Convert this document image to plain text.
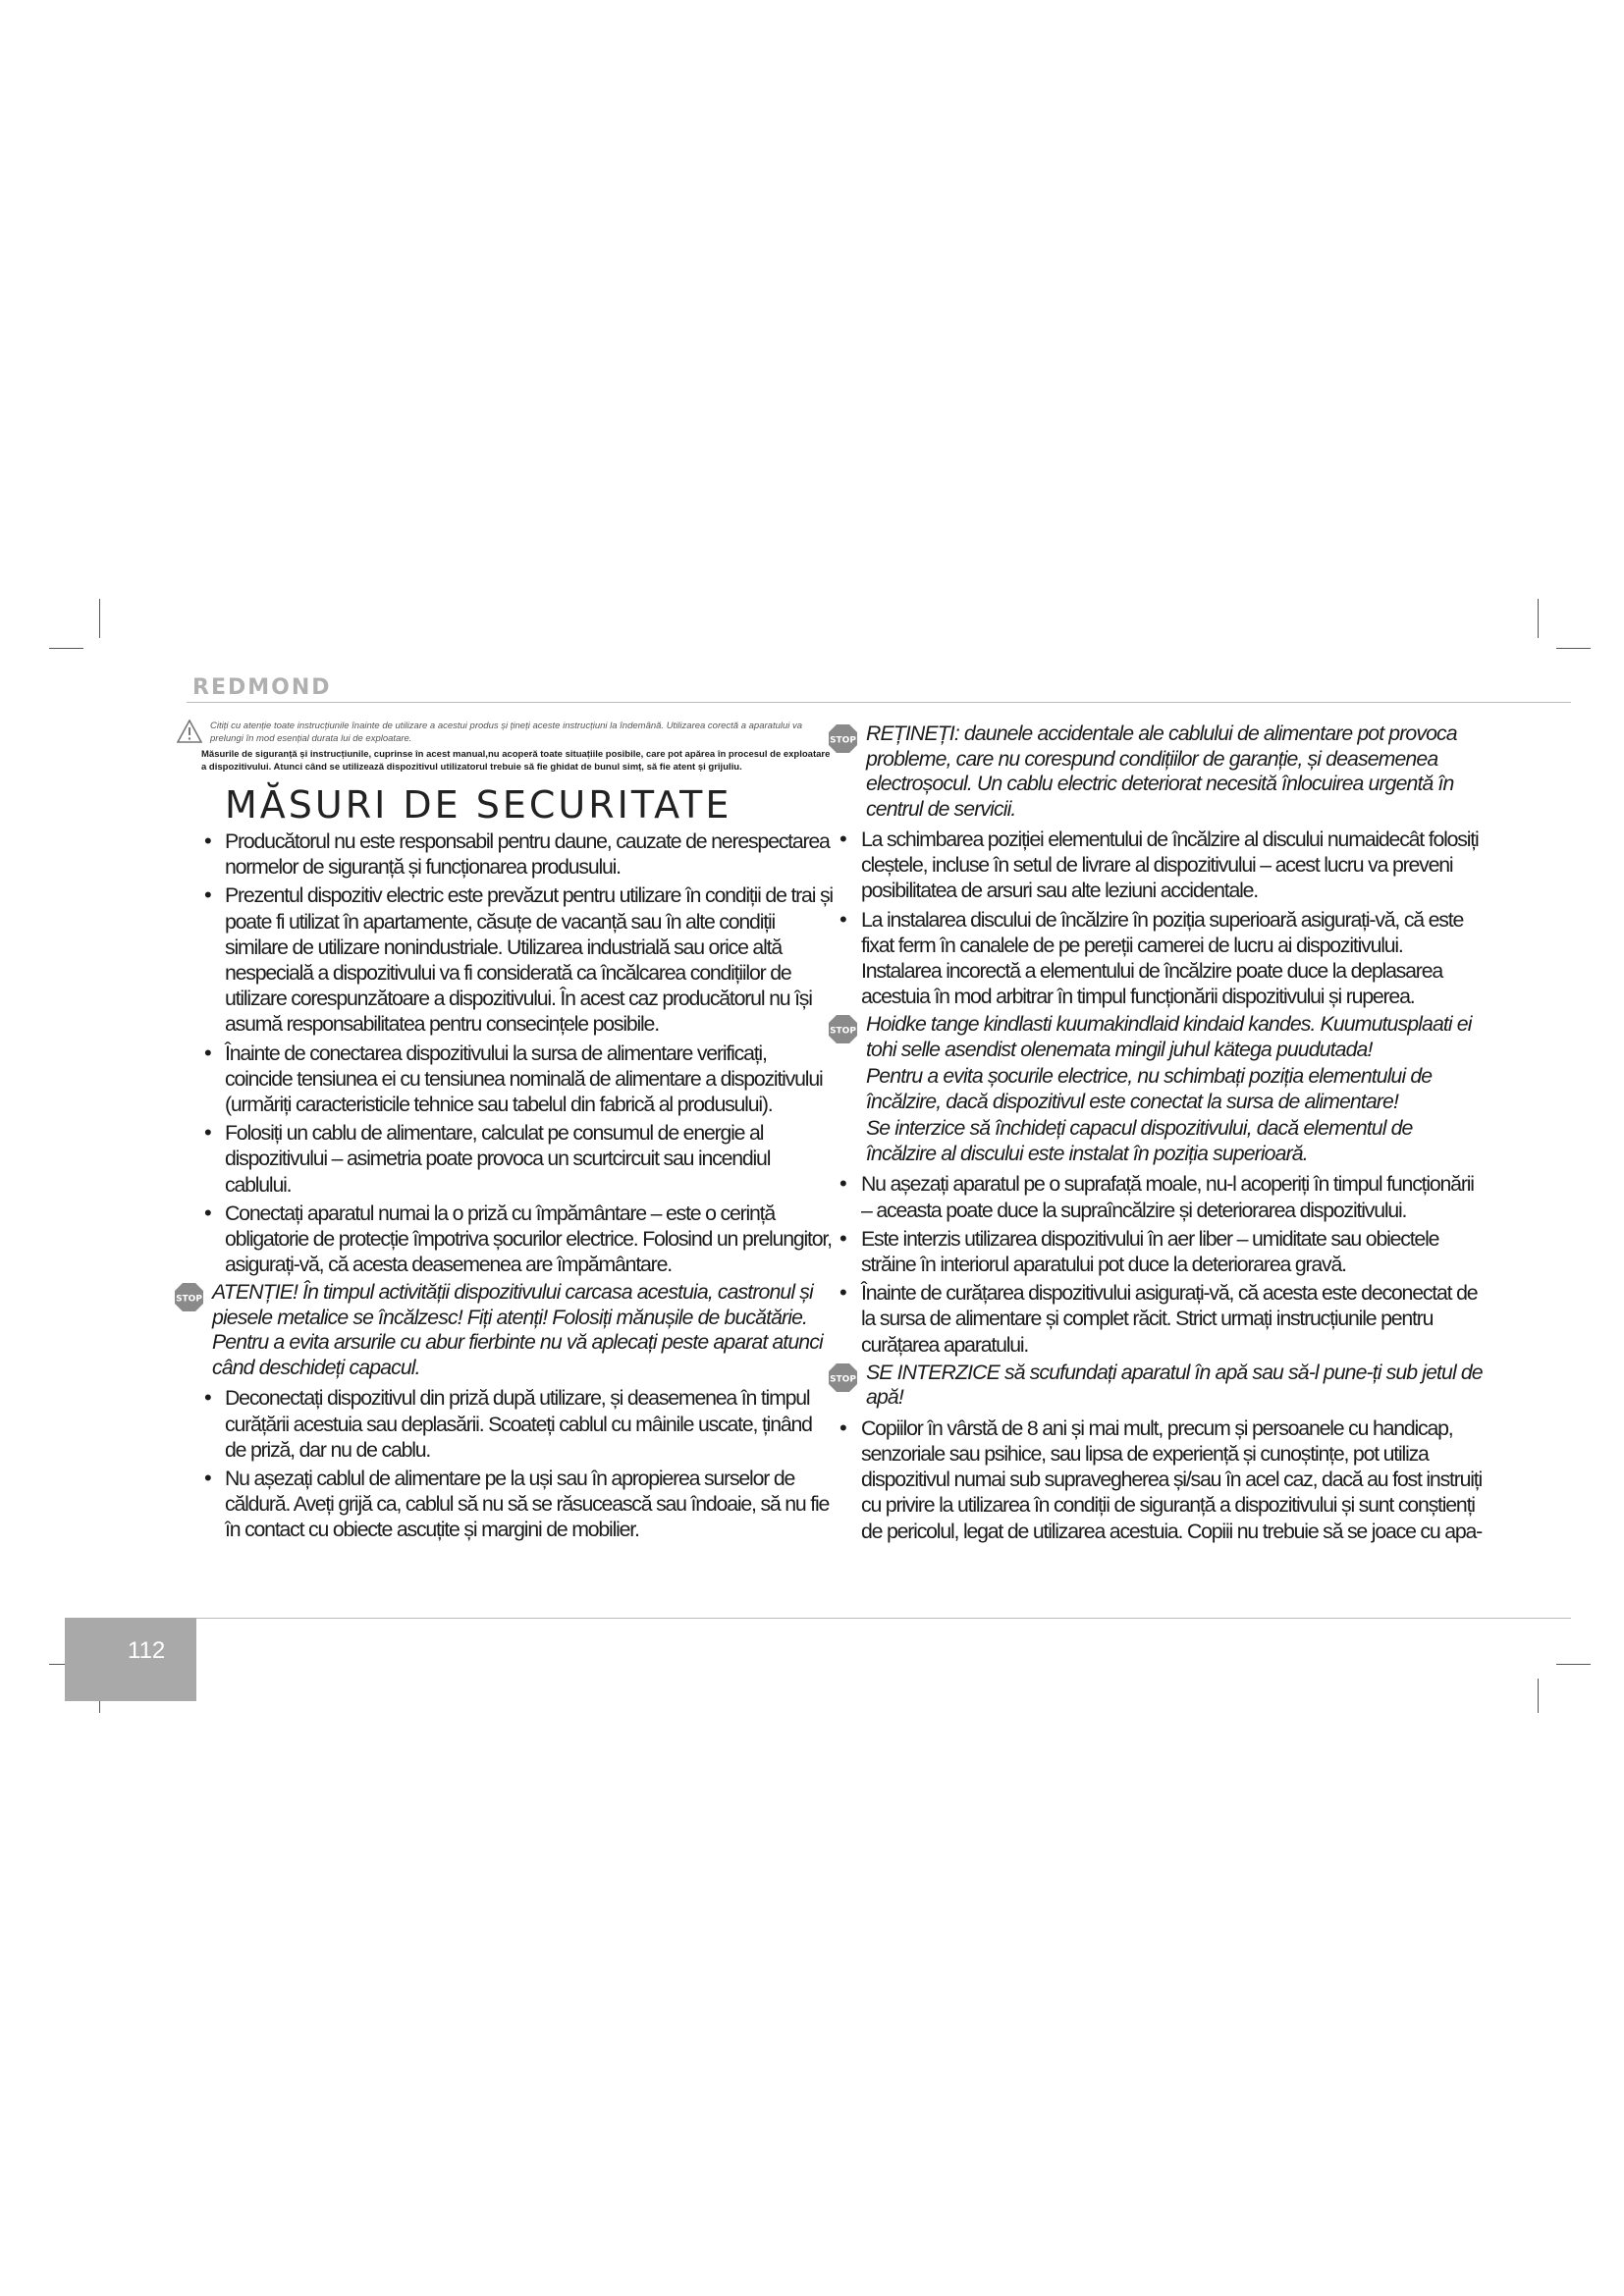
REDMOND
Citiți cu atenție toate instrucțiunile înainte de utilizare a acestui produs și țineți aceste instrucțiuni la îndemână. Utilizarea corectă a aparatului va prelungi în mod esențial durata lui de exploatare.
Măsurile de siguranță și instrucțiunile, cuprinse în acest manual,nu acoperă toate situațiile posibile, care pot apărea în procesul de exploatare a dispozitivului. Atunci când se utilizează dispozitivul utilizatorul trebuie să fie ghidat de bunul simț, să fie atent și grijuliu.
MĂSURI DE SECURITATE
• Producătorul nu este responsabil pentru daune, cauzate de nerespectarea normelor de siguranță și funcționarea produsului.
• Prezentul dispozitiv electric este prevăzut pentru utilizare în condiții de trai și poate fi utilizat în apartamente, căsuțe de vacanță sau în alte condiții similare de utilizare nonindustriale. Utilizarea industrială sau orice altă nespecială a dispozitivului va fi considerată ca încălcarea condițiilor de utilizare corespunzătoare a dispozitivului. În acest caz producătorul nu își asumă responsabilitatea pentru consecințele posibile.
• Înainte de conectarea dispozitivului la sursa de alimentare verificați, coincide tensiunea ei cu tensiunea nominală de alimentare a dispozitivului (urmăriți caracteristicile tehnice sau tabelul din fabrică al produsului).
• Folosiți un cablu de alimentare, calculat pe consumul de energie al dispozitivului – asimetria poate provoca un scurtcircuit sau incendiul cablului.
• Conectați aparatul numai la o priză cu împământare – este o cerință obligatorie de protecție împotriva șocurilor electrice. Folosind un prelungitor, asigurați-vă, că acesta deasemenea are împământare.
STOP ATENȚIE! În timpul activității dispozitivului carcasa acestuia, castronul și piesele metalice se încălzesc! Fiți atenți! Folosiți mănușile de bucătărie. Pentru a evita arsurile cu abur fierbinte nu vă aplecați peste aparat atunci când deschideți capacul.

• Deconectați dispozitivul din priză după utilizare, și deasemenea în timpul curățării acestuia sau deplasării. Scoateți cablul cu mâinile uscate, ținând de priză, dar nu de cablu.
• Nu așezați cablul de alimentare pe la uși sau în apropierea surselor de căldură. Aveți grijă ca, cablul să nu să se răsucească sau îndoaie, să nu fie în contact cu obiecte ascuțite și margini de mobilier.
STOP REȚINEȚI: daunele accidentale ale cablului de alimentare pot provoca probleme, care nu corespund condițiilor de garanție, și deasemenea electroșocul. Un cablu electric deteriorat necesită înlocuirea urgentă în centrul de servicii.

• La schimbarea poziției elementului de încălzire al discului numaidecât folosiți cleștele, incluse în setul de livrare al dispozitivului – acest lucru va preveni posibilitatea de arsuri sau alte leziuni accidentale.
• La instalarea discului de încălzire în poziția superioară asigurați-vă, că este fixat ferm în canalele de pe pereții camerei de lucru ai dispozitivului. Instalarea incorectă a elementului de încălzire poate duce la deplasarea acestuia în mod arbitrar în timpul funcționării dispozitivului și ruperea.
STOP Hoidke tange kindlasti kuumakindlaid kindaid kandes. Kuumutusplaati ei tohi selle asendist olenemata mingil juhul kätega puudutada!

Pentru a evita șocurile electrice, nu schimbați poziția elementului de încălzire, dacă dispozitivul este conectat la sursa de alimentare!

Se interzice să închideți capacul dispozitivului, dacă elementul de încălzire al discului este instalat în poziția superioară.

• Nu așezați aparatul pe o suprafață moale, nu-l acoperiți în timpul funcționării – aceasta poate duce la supraîncălzire și deteriorarea dispozitivului.
• Este interzis utilizarea dispozitivului în aer liber – umiditate sau obiectele străine în interiorul aparatului pot duce la deteriorarea gravă.
• Înainte de curățarea dispozitivului asigurați-vă, că acesta este deconectat de la sursa de alimentare și complet răcit. Strict urmați instrucțiunile pentru curățarea aparatului.
STOP SE INTERZICE să scufundați aparatul în apă sau să-l pune-ți sub jetul de apă!

• Copiilor în vârstă de 8 ani și mai mult, precum și persoanele cu handicap, senzoriale sau psihice, sau lipsa de experiență și cunoștințe, pot utiliza dispozitivul numai sub supravegherea și/sau în acel caz, dacă au fost instruiți cu privire la utilizarea în condiții de siguranță a dispozitivului și sunt conștienți de pericolul, legat de utilizarea acestuia. Copiii nu trebuie să se joace cu apa-
112
